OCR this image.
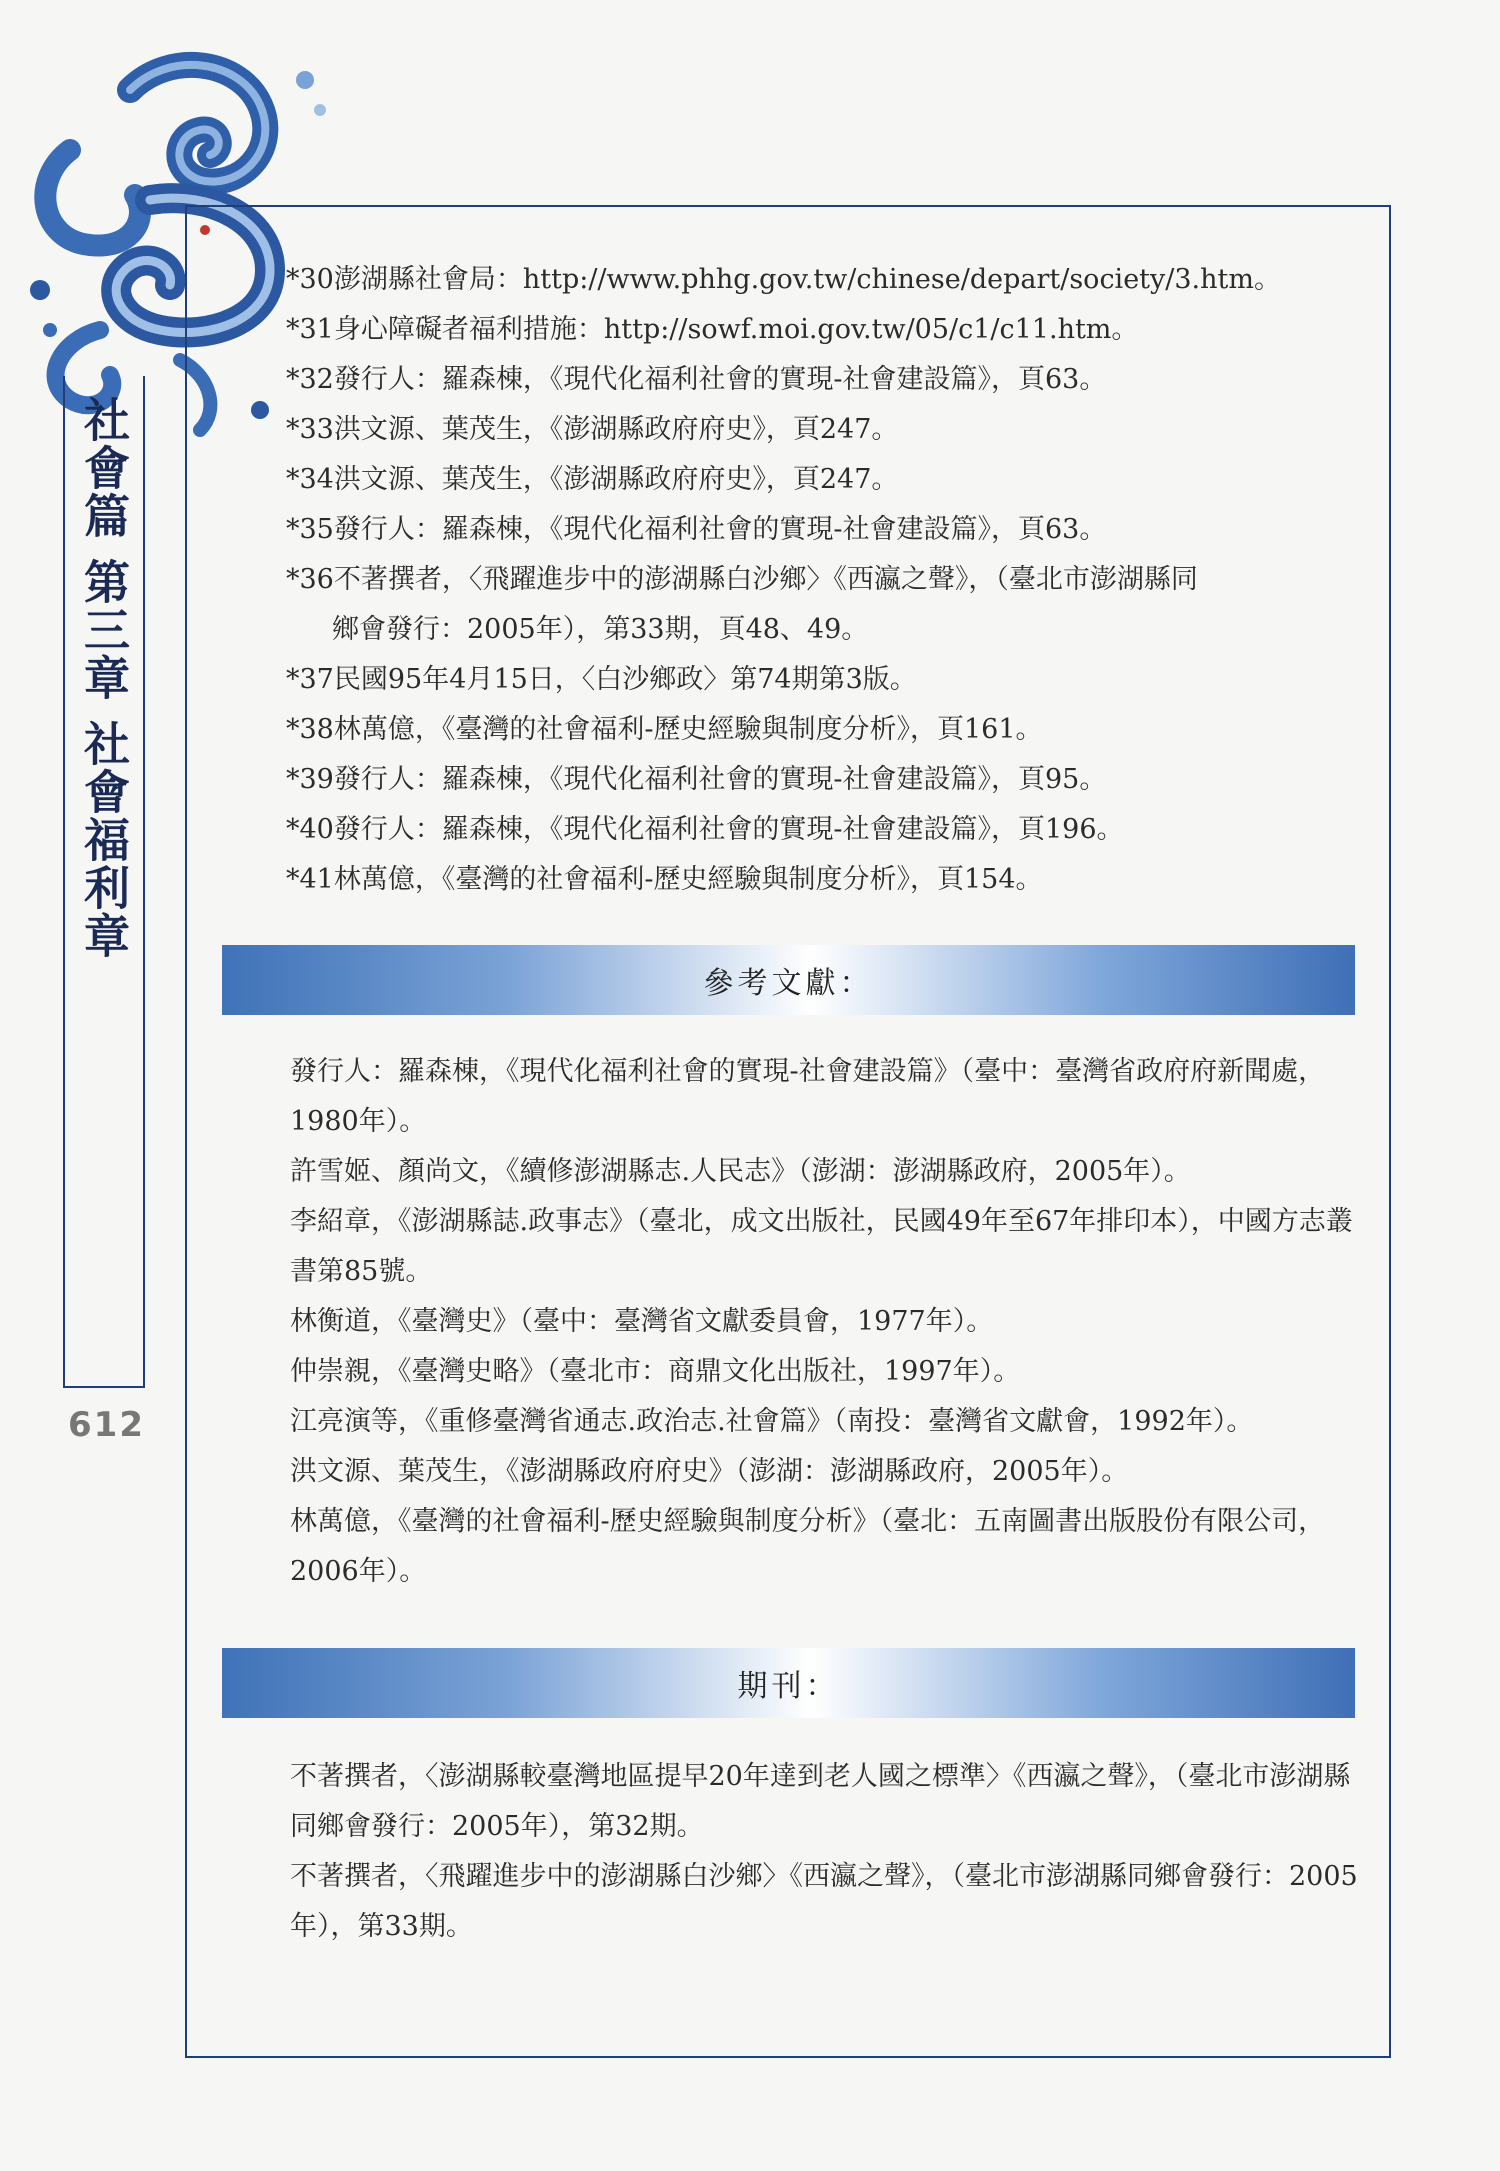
社會篇 第三章 社會福利章
612
*30澎湖縣社會局：http://www.phhg.gov.tw/chinese/depart/society/3.htm。
*31身心障礙者福利措施：http://sowf.moi.gov.tw/05/c1/c11.htm。
*32發行人：羅森棟，《現代化福利社會的實現-社會建設篇》，頁63。
*33洪文源、葉茂生，《澎湖縣政府府史》，頁247。
*34洪文源、葉茂生，《澎湖縣政府府史》，頁247。
*35發行人：羅森棟，《現代化福利社會的實現-社會建設篇》，頁63。
*36不著撰者，〈飛躍進步中的澎湖縣白沙鄉〉《西瀛之聲》，（臺北市澎湖縣同
鄉會發行：2005年），第33期，頁48、49。
*37民國95年4月15日，〈白沙鄉政〉第74期第3版。
*38林萬億，《臺灣的社會福利-歷史經驗與制度分析》，頁161。
*39發行人：羅森棟，《現代化福利社會的實現-社會建設篇》，頁95。
*40發行人：羅森棟，《現代化福利社會的實現-社會建設篇》，頁196。
*41林萬億，《臺灣的社會福利-歷史經驗與制度分析》，頁154。
參考文獻：
發行人：羅森棟，《現代化福利社會的實現-社會建設篇》（臺中：臺灣省政府府新聞處，1980年）。
許雪姬、顏尚文，《續修澎湖縣志.人民志》（澎湖：澎湖縣政府，2005年）。
李紹章，《澎湖縣誌.政事志》（臺北，成文出版社，民國49年至67年排印本），中國方志叢書第85號。
林衡道，《臺灣史》（臺中：臺灣省文獻委員會，1977年）。
仲崇親，《臺灣史略》（臺北市：商鼎文化出版社，1997年）。
江亮演等，《重修臺灣省通志.政治志.社會篇》（南投：臺灣省文獻會，1992年）。
洪文源、葉茂生，《澎湖縣政府府史》（澎湖：澎湖縣政府，2005年）。
林萬億，《臺灣的社會福利-歷史經驗與制度分析》（臺北：五南圖書出版股份有限公司，2006年）。
期刊：
不著撰者，〈澎湖縣較臺灣地區提早20年達到老人國之標準〉《西瀛之聲》，（臺北市澎湖縣同鄉會發行：2005年），第32期。
不著撰者，〈飛躍進步中的澎湖縣白沙鄉〉《西瀛之聲》，（臺北市澎湖縣同鄉會發行：2005年），第33期。
